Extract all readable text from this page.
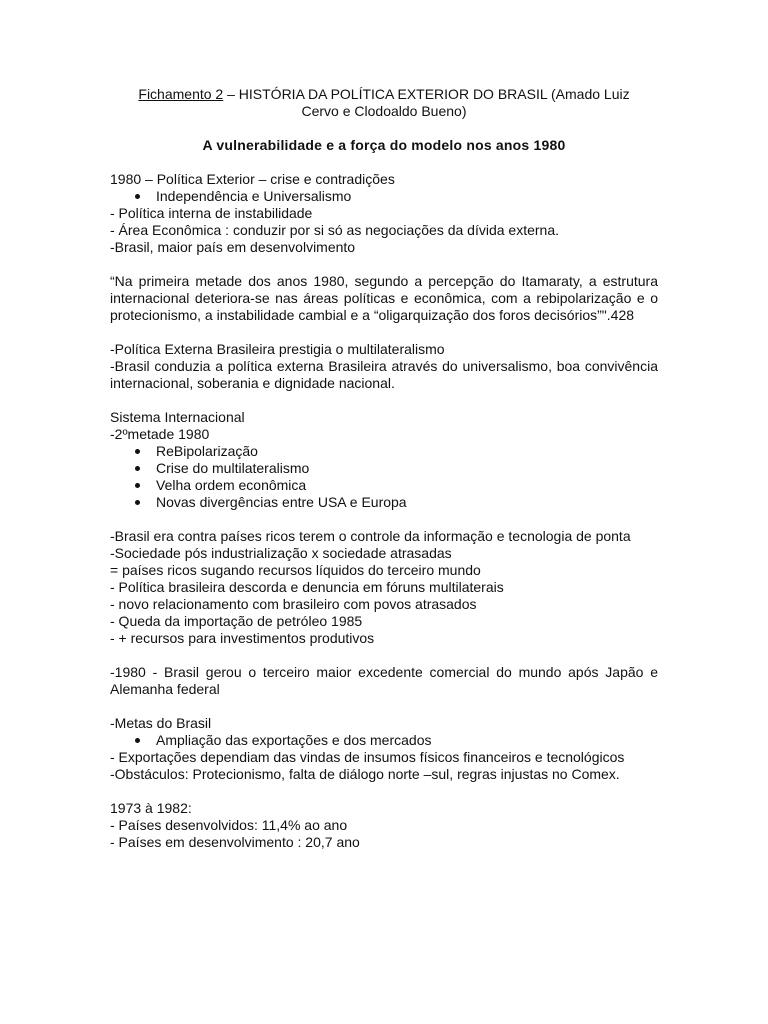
Fichamento 2 – HISTÓRIA DA POLÍTICA EXTERIOR DO BRASIL (Amado Luiz
Cervo e Clodoaldo Bueno)
A vulnerabilidade e a força do modelo nos anos 1980
1980 – Política Exterior – crise e contradições
Independência e Universalismo
- Política interna de instabilidade
- Área Econômica : conduzir por si só as negociações da dívida externa.
-Brasil, maior país em desenvolvimento
“Na primeira metade dos anos 1980, segundo a percepção do Itamaraty, a estrutura internacional deteriora-se nas áreas políticas e econômica, com a rebipolarização e o protecionismo, a instabilidade cambial e a “oligarquização dos foros decisórios”".428
-Política Externa Brasileira prestigia o multilateralismo
-Brasil conduzia a política externa Brasileira através do universalismo, boa convivência internacional, soberania e dignidade nacional.
Sistema Internacional
-2ºmetade 1980
ReBipolarização
Crise do multilateralismo
Velha ordem econômica
Novas divergências entre USA e Europa
-Brasil era contra países ricos terem o controle da informação e tecnologia de ponta
-Sociedade pós industrialização x sociedade atrasadas
= países ricos sugando recursos líquidos do terceiro mundo
- Política brasileira descorda e denuncia em fóruns multilaterais
- novo relacionamento com brasileiro com povos atrasados
- Queda da importação de petróleo 1985
- + recursos para investimentos produtivos
-1980 - Brasil gerou o terceiro maior excedente comercial do mundo após Japão e Alemanha federal
-Metas do Brasil
Ampliação das exportações e dos mercados
- Exportações dependiam das vindas de insumos físicos financeiros e tecnológicos
-Obstáculos: Protecionismo, falta de diálogo norte –sul, regras injustas no Comex.
1973 à 1982:
- Países desenvolvidos: 11,4% ao ano
- Países em desenvolvimento : 20,7 ano
